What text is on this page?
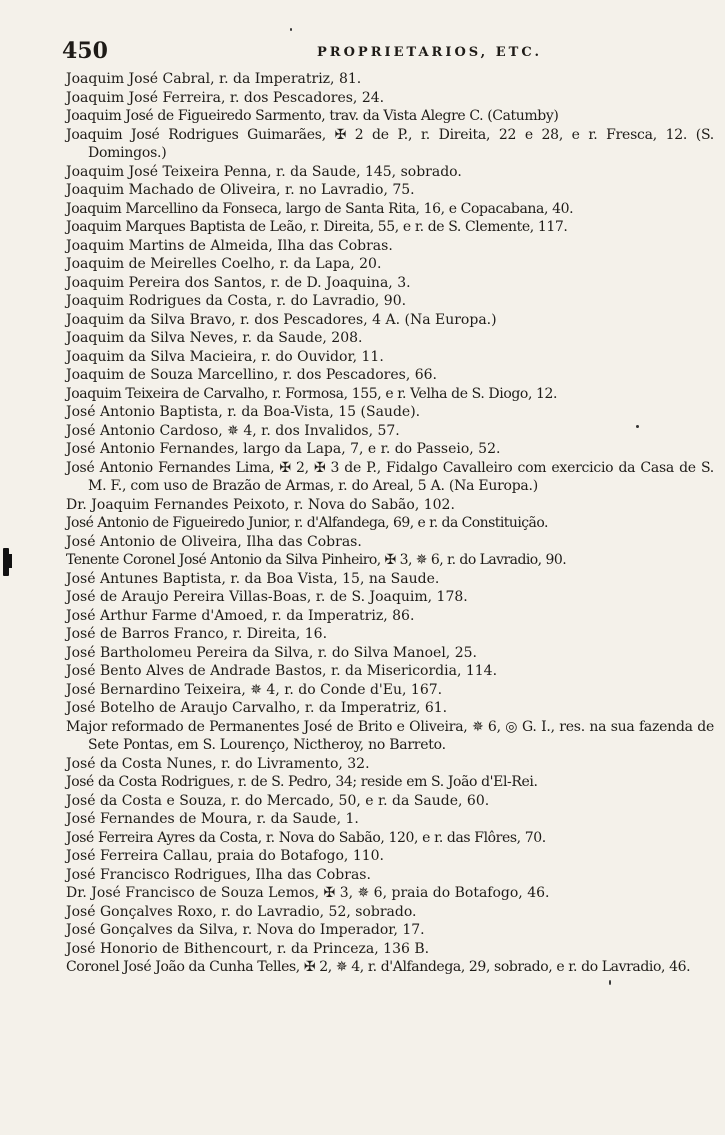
450	PROPRIETARIOS, ETC.
Joaquim José Cabral, r. da Imperatriz, 81.
Joaquim José Ferreira, r. dos Pescadores, 24.
Joaquim José de Figueiredo Sarmento, trav. da Vista Alegre C. (Catumby)
Joaquim José Rodrigues Guimarães, ✠ 2 de P., r. Direita, 22 e 28, e r. Fresca, 12. (S. Domingos.)
Joaquim José Teixeira Penna, r. da Saude, 145, sobrado.
Joaquim Machado de Oliveira, r. no Lavradio, 75.
Joaquim Marcellino da Fonseca, largo de Santa Rita, 16, e Copacabana, 40.
Joaquim Marques Baptista de Leão, r. Direita, 55, e r. de S. Clemente, 117.
Joaquim Martins de Almeida, Ilha das Cobras.
Joaquim de Meirelles Coelho, r. da Lapa, 20.
Joaquim Pereira dos Santos, r. de D. Joaquina, 3.
Joaquim Rodrigues da Costa, r. do Lavradio, 90.
Joaquim da Silva Bravo, r. dos Pescadores, 4 A. (Na Europa.)
Joaquim da Silva Neves, r. da Saude, 208.
Joaquim da Silva Macieira, r. do Ouvidor, 11.
Joaquim de Souza Marcellino, r. dos Pescadores, 66.
Joaquim Teixeira de Carvalho, r. Formosa, 155, e r. Velha de S. Diogo, 12.
José Antonio Baptista, r. da Boa-Vista, 15 (Saude).
José Antonio Cardoso, ✵ 4, r. dos Invalidos, 57.
José Antonio Fernandes, largo da Lapa, 7, e r. do Passeio, 52.
José Antonio Fernandes Lima, ✠ 2, ✠ 3 de P., Fidalgo Cavalleiro com exercicio da Casa de S. M. F., com uso de Brazão de Armas, r. do Areal, 5 A. (Na Europa.)
Dr. Joaquim Fernandes Peixoto, r. Nova do Sabão, 102.
José Antonio de Figueiredo Junior, r. d'Alfandega, 69, e r. da Constituição.
José Antonio de Oliveira, Ilha das Cobras.
Tenente Coronel José Antonio da Silva Pinheiro, ✠ 3, ✵ 6, r. do Lavradio, 90.
José Antunes Baptista, r. da Boa Vista, 15, na Saude.
José de Araujo Pereira Villas-Boas, r. de S. Joaquim, 178.
José Arthur Farme d'Amoed, r. da Imperatriz, 86.
José de Barros Franco, r. Direita, 16.
José Bartholomeu Pereira da Silva, r. do Silva Manoel, 25.
José Bento Alves de Andrade Bastos, r. da Misericordia, 114.
José Bernardino Teixeira, ✵ 4, r. do Conde d'Eu, 167.
José Botelho de Araujo Carvalho, r. da Imperatriz, 61.
Major reformado de Permanentes José de Brito e Oliveira, ✵ 6, ◎ G. I., res. na sua fazenda de Sete Pontas, em S. Lourenço, Nictheroy, no Barreto.
José da Costa Nunes, r. do Livramento, 32.
José da Costa Rodrigues, r. de S. Pedro, 34; reside em S. João d'El-Rei.
José da Costa e Souza, r. do Mercado, 50, e r. da Saude, 60.
José Fernandes de Moura, r. da Saude, 1.
José Ferreira Ayres da Costa, r. Nova do Sabão, 120, e r. das Flôres, 70.
José Ferreira Callau, praia do Botafogo, 110.
José Francisco Rodrigues, Ilha das Cobras.
Dr. José Francisco de Souza Lemos, ✠ 3, ✵ 6, praia do Botafogo, 46.
José Gonçalves Roxo, r. do Lavradio, 52, sobrado.
José Gonçalves da Silva, r. Nova do Imperador, 17.
José Honorio de Bithencourt, r. da Princeza, 136 B.
Coronel José João da Cunha Telles, ✠ 2, ✵ 4, r. d'Alfandega, 29, sobrado, e r. do Lavradio, 46.
